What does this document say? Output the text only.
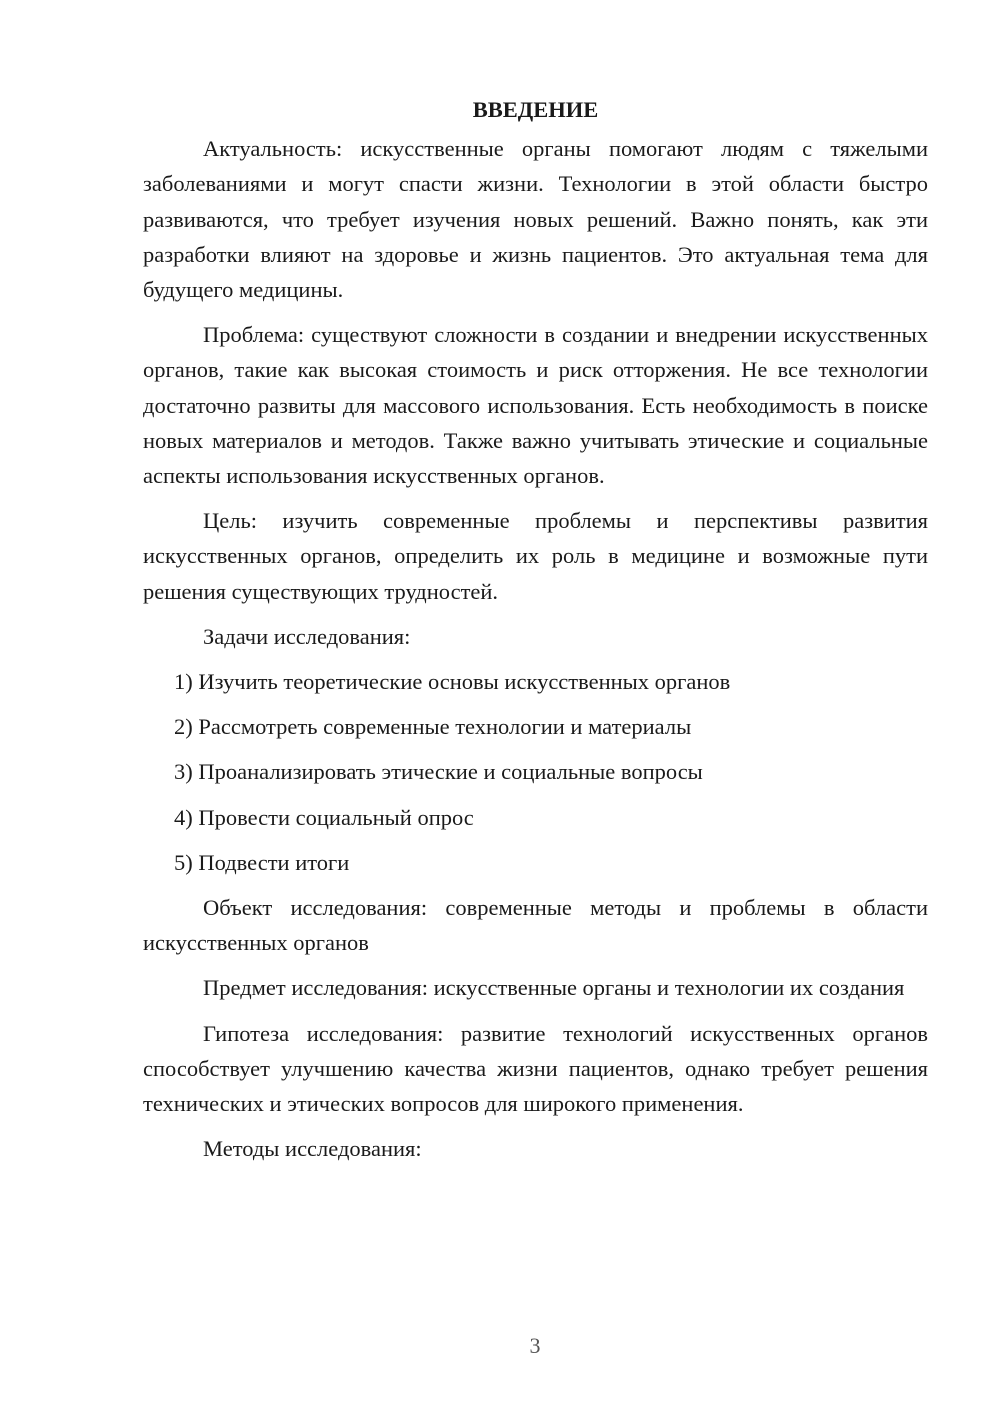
ВВЕДЕНИЕ

Актуальность: искусственные органы помогают людям с тяжелыми заболеваниями и могут спасти жизни. Технологии в этой области быстро развиваются, что требует изучения новых решений. Важно понять, как эти разработки влияют на здоровье и жизнь пациентов. Это актуальная тема для будущего медицины.

Проблема: существуют сложности в создании и внедрении искусственных органов, такие как высокая стоимость и риск отторжения. Не все технологии достаточно развиты для массового использования. Есть необходимость в поиске новых материалов и методов. Также важно учитывать этические и социальные аспекты использования искусственных органов.

Цель: изучить современные проблемы и перспективы развития искусственных органов, определить их роль в медицине и возможные пути решения существующих трудностей.

Задачи исследования:

1) Изучить теоретические основы искусственных органов
2) Рассмотреть современные технологии и материалы
3) Проанализировать этические и социальные вопросы
4) Провести социальный опрос
5) Подвести итоги

Объект исследования: современные методы и проблемы в области искусственных органов

Предмет исследования: искусственные органы и технологии их создания

Гипотеза исследования: развитие технологий искусственных органов способствует улучшению качества жизни пациентов, однако требует решения технических и этических вопросов для широкого применения.

Методы исследования:

3
